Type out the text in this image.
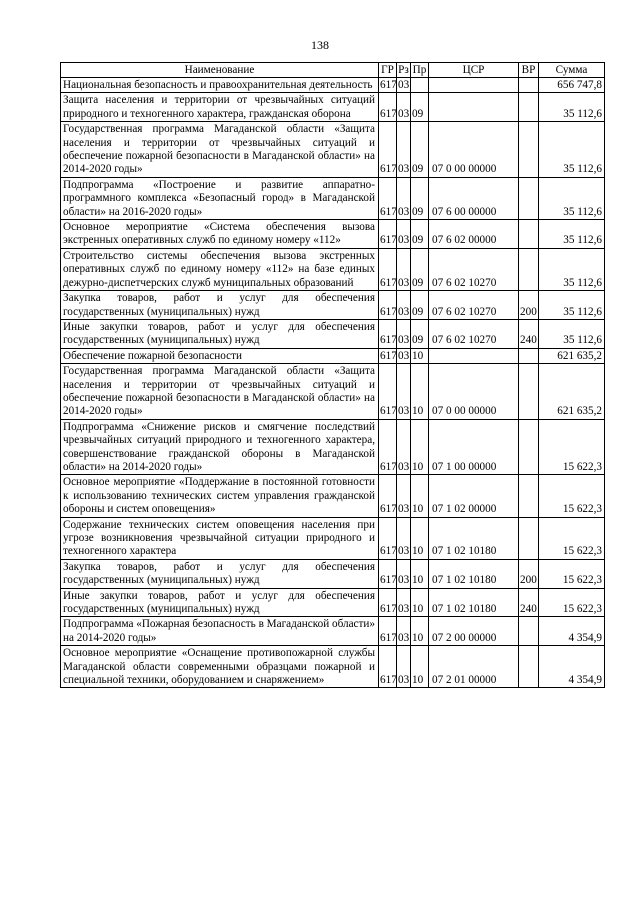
138
Наименование	ГР	Рз	Пр	ЦСР	ВР	Сумма
Национальная безопасность и правоохранительная деятельность	617	03				656 747,8
Защита населения и территории от чрезвычайных ситуаций природного и техногенного характера, гражданская оборона	617	03	09			35 112,6
Государственная программа Магаданской области «Защита населения и территории от чрезвычайных ситуаций и обеспечение пожарной безопасности в Магаданской области» на 2014-2020 годы»	617	03	09	07 0 00 00000		35 112,6
Подпрограмма «Построение и развитие аппаратно-программного комплекса «Безопасный город» в Магаданской области» на 2016-2020 годы»	617	03	09	07 6 00 00000		35 112,6
Основное мероприятие «Система обеспечения вызова экстренных оперативных служб по единому номеру «112»	617	03	09	07 6 02 00000		35 112,6
Строительство системы обеспечения вызова экстренных оперативных служб по единому номеру «112» на базе единых дежурно-диспетчерских служб муниципальных образований	617	03	09	07 6 02 10270		35 112,6
Закупка товаров, работ и услуг для обеспечения государственных (муниципальных) нужд	617	03	09	07 6 02 10270	200	35 112,6
Иные закупки товаров, работ и услуг для обеспечения государственных (муниципальных) нужд	617	03	09	07 6 02 10270	240	35 112,6
Обеспечение пожарной безопасности	617	03	10			621 635,2
Государственная программа Магаданской области «Защита населения и территории от чрезвычайных ситуаций и обеспечение пожарной безопасности в Магаданской области» на 2014-2020 годы»	617	03	10	07 0 00 00000		621 635,2
Подпрограмма «Снижение рисков и смягчение последствий чрезвычайных ситуаций природного и техногенного характера, совершенствование гражданской обороны в Магаданской области» на 2014-2020 годы»	617	03	10	07 1 00 00000		15 622,3
Основное мероприятие «Поддержание в постоянной готовности к использованию технических систем управления гражданской обороны и систем оповещения»	617	03	10	07 1 02 00000		15 622,3
Содержание технических систем оповещения населения при угрозе возникновения чрезвычайной ситуации природного и техногенного характера	617	03	10	07 1 02 10180		15 622,3
Закупка товаров, работ и услуг для обеспечения государственных (муниципальных) нужд	617	03	10	07 1 02 10180	200	15 622,3
Иные закупки товаров, работ и услуг для обеспечения государственных (муниципальных) нужд	617	03	10	07 1 02 10180	240	15 622,3
Подпрограмма «Пожарная безопасность в Магаданской области» на 2014-2020 годы»	617	03	10	07 2 00 00000		4 354,9
Основное мероприятие «Оснащение противопожарной службы Магаданской области современными образцами пожарной и специальной техники, оборудованием и снаряжением»	617	03	10	07 2 01 00000		4 354,9
